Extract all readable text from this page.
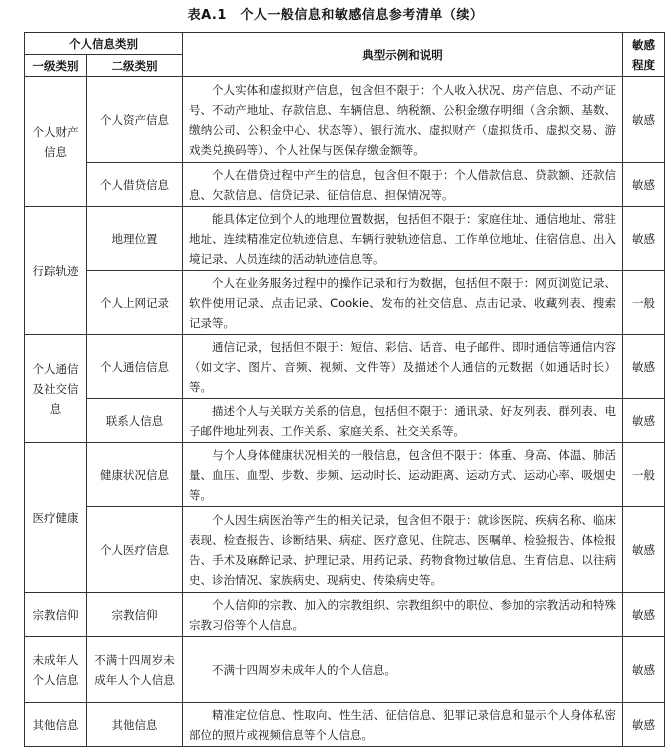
表A.1　个人一般信息和敏感信息参考清单（续）
个人信息类别		典型示例和说明	敏感程度
一级类别	二级类别		
个人财产信息	个人资产信息	个人实体和虚拟财产信息，包含但不限于：个人收入状况、房产信息、不动产证号、不动产地址、存款信息、车辆信息、纳税额、公积金缴存明细（含余额、基数、缴纳公司、公积金中心、状态等）、银行流水、虚拟财产（虚拟货币、虚拟交易、游戏类兑换码等）、个人社保与医保存缴金额等。	敏感
	个人借贷信息	个人在借贷过程中产生的信息，包含但不限于：个人借款信息、贷款额、还款信息、欠款信息、信贷记录、征信信息、担保情况等。	敏感
行踪轨迹	地理位置	能具体定位到个人的地理位置数据，包括但不限于：家庭住址、通信地址、常驻地址、连续精准定位轨迹信息、车辆行驶轨迹信息、工作单位地址、住宿信息、出入境记录、人员连续的活动轨迹信息等。	敏感
	个人上网记录	个人在业务服务过程中的操作记录和行为数据，包括但不限于：网页浏览记录、软件使用记录、点击记录、Cookie、发布的社交信息、点击记录、收藏列表、搜索记录等。	一般
个人通信及社交信息	个人通信信息	通信记录，包括但不限于：短信、彩信、话音、电子邮件、即时通信等通信内容（如文字、图片、音频、视频、文件等）及描述个人通信的元数据（如通话时长）等。	敏感
	联系人信息	描述个人与关联方关系的信息，包括但不限于：通讯录、好友列表、群列表、电子邮件地址列表、工作关系、家庭关系、社交关系等。	敏感
医疗健康	健康状况信息	与个人身体健康状况相关的一般信息，包含但不限于：体重、身高、体温、肺活量、血压、血型、步数、步频、运动时长、运动距离、运动方式、运动心率、吸烟史等。	一般
	个人医疗信息	个人因生病医治等产生的相关记录，包含但不限于：就诊医院、疾病名称、临床表现、检查报告、诊断结果、病症、医疗意见、住院志、医嘱单、检验报告、体检报告、手术及麻醉记录、护理记录、用药记录、药物食物过敏信息、生育信息、以往病史、诊治情况、家族病史、现病史、传染病史等。	敏感
宗教信仰	宗教信仰	个人信仰的宗教、加入的宗教组织、宗教组织中的职位、参加的宗教活动和特殊宗教习俗等个人信息。	敏感
未成年人个人信息	不满十四周岁未成年人个人信息	不满十四周岁未成年人的个人信息。	敏感
其他信息	其他信息	精准定位信息、性取向、性生活、征信信息、犯罪记录信息和显示个人身体私密部位的照片或视频信息等个人信息。	敏感
